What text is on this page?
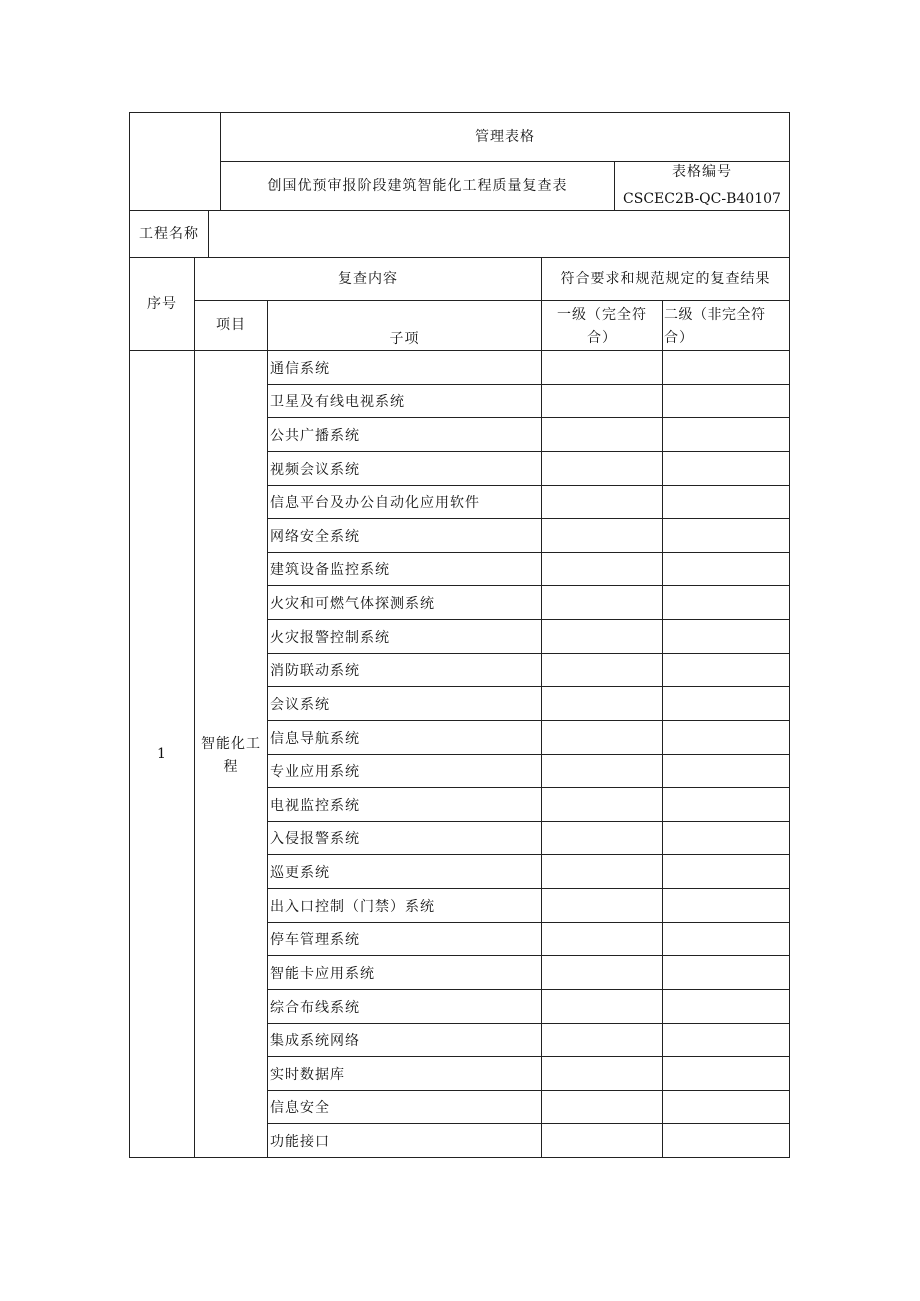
管理表格
创国优预审报阶段建筑智能化工程质量复查表
表格编号
CSCEC2B-QC-B40107
工程名称
序号
复查内容	符合要求和规范规定的复查结果
项目
子项
一级（完全符
合）
二级（非完全符
合）
1
智能化工
程
通信系统
卫星及有线电视系统
公共广播系统
视频会议系统
信息平台及办公自动化应用软件
网络安全系统
建筑设备监控系统
火灾和可燃气体探测系统
火灾报警控制系统
消防联动系统
会议系统
信息导航系统
专业应用系统
电视监控系统
入侵报警系统
巡更系统
出入口控制（门禁）系统
停车管理系统
智能卡应用系统
综合布线系统
集成系统网络
实时数据库
信息安全
功能接口
